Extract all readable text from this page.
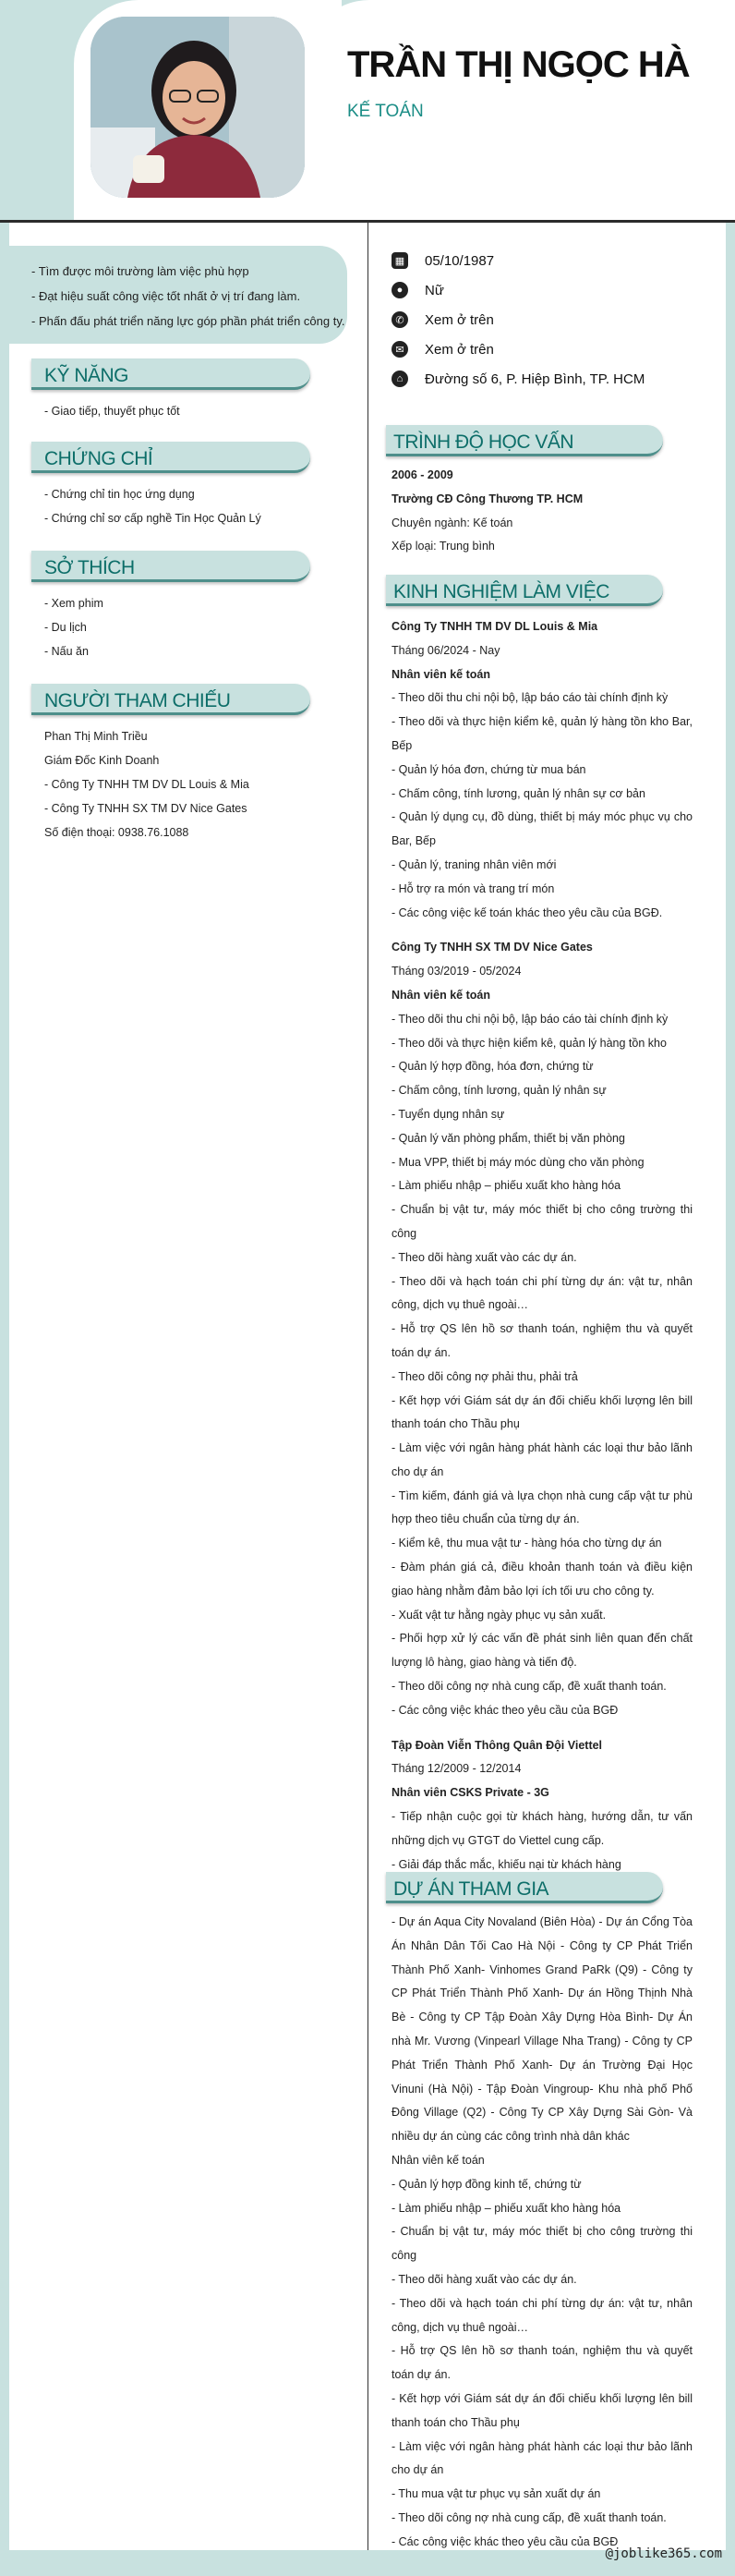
TRẦN THỊ NGỌC HÀ
KẾ TOÁN

- Tìm được môi trường làm việc phù hợp

- Đạt hiệu suất công việc tốt nhất ở vị trí đang làm.

- Phấn đấu phát triển năng lực góp phần phát triển công ty.

KỸ NĂNG

- Giao tiếp, thuyết phục tốt

CHỨNG CHỈ

- Chứng chỉ tin học ứng dụng

- Chứng chỉ sơ cấp nghề Tin Học Quản Lý

SỞ THÍCH

- Xem phim

- Du lịch

- Nấu ăn

NGƯỜI THAM CHIẾU

Phan Thị Minh Triều

Giám Đốc Kinh Doanh

- Công Ty TNHH TM DV DL Louis & Mia

- Công Ty TNHH SX TM DV Nice Gates

Số điện thoại: 0938.76.1088

▦ 05/10/1987
●	Nữ
✆ Xem ở trên
✉ Xem ở trên
⌂	Đường số 6, P. Hiệp Bình, TP. HCM
TRÌNH ĐỘ HỌC VẤN

2006 - 2009

Trường CĐ Công Thương TP. HCM

Chuyên ngành: Kế toán

Xếp loại: Trung bình

KINH NGHIỆM LÀM VIỆC

Công Ty TNHH TM DV DL Louis & Mia

Tháng 06/2024 - Nay

Nhân viên kế toán

- Theo dõi thu chi nội bộ, lập báo cáo tài chính định kỳ

- Theo dõi và thực hiện kiểm kê, quản lý hàng tồn kho Bar, Bếp

- Quản lý hóa đơn, chứng từ mua bán

- Chấm công, tính lương, quản lý nhân sự cơ bản

- Quản lý dụng cụ, đồ dùng, thiết bị máy móc phục vụ cho Bar, Bếp

- Quản lý, traning nhân viên mới

- Hỗ trợ ra món và trang trí món

- Các công việc kế toán khác theo yêu cầu của BGĐ.

Công Ty TNHH SX TM DV Nice Gates

Tháng 03/2019 - 05/2024

Nhân viên kế toán

- Theo dõi thu chi nội bộ, lập báo cáo tài chính định kỳ

- Theo dõi và thực hiện kiểm kê, quản lý hàng tồn kho

- Quản lý hợp đồng, hóa đơn, chứng từ

- Chấm công, tính lương, quản lý nhân sự

- Tuyển dụng nhân sự

- Quản lý văn phòng phẩm, thiết bị văn phòng

- Mua VPP, thiết bị máy móc dùng cho văn phòng

- Làm phiếu nhập – phiếu xuất kho hàng hóa

- Chuẩn bị vật tư, máy móc thiết bị cho công trường thi công

- Theo dõi hàng xuất vào các dự án.

- Theo dõi và hạch toán chi phí từng dự án: vật tư, nhân công, dịch vụ thuê ngoài…

- Hỗ trợ QS lên hồ sơ thanh toán, nghiệm thu và quyết toán dự án.

- Theo dõi công nợ phải thu, phải trả

- Kết hợp với Giám sát dự án đối chiếu khối lượng lên bill thanh toán cho Thầu phụ

- Làm việc với ngân hàng phát hành các loại thư bảo lãnh cho dự án

- Tìm kiếm, đánh giá và lựa chọn nhà cung cấp vật tư phù hợp theo tiêu chuẩn của từng dự án.

- Kiểm kê, thu mua vật tư - hàng hóa cho từng dự án

- Đàm phán giá cả, điều khoản thanh toán và điều kiện giao hàng nhằm đảm bảo lợi ích tối ưu cho công ty.

- Xuất vật tư hằng ngày phục vụ sản xuất.

- Phối hợp xử lý các vấn đề phát sinh liên quan đến chất lượng lô hàng, giao hàng và tiến độ.

- Theo dõi công nợ nhà cung cấp, đề xuất thanh toán.

- Các công việc khác theo yêu cầu của BGĐ

Tập Đoàn Viễn Thông Quân Đội Viettel

Tháng 12/2009 - 12/2014

Nhân viên CSKS Private - 3G

- Tiếp nhận cuộc gọi từ khách hàng, hướng dẫn, tư vấn những dịch vụ GTGT do Viettel cung cấp.

- Giải đáp thắc mắc, khiếu nại từ khách hàng

DỰ ÁN THAM GIA

- Dự án Aqua City Novaland (Biên Hòa) - Dự án Cổng Tòa Án Nhân Dân Tối Cao Hà Nội - Công ty CP Phát Triển Thành Phố Xanh- Vinhomes Grand PaRk (Q9) - Công ty CP Phát Triển Thành Phố Xanh- Dự án Hồng Thịnh Nhà Bè - Công ty CP Tập Đoàn Xây Dựng Hòa Bình- Dự Án nhà Mr. Vương (Vinpearl Village Nha Trang) - Công ty CP Phát Triển Thành Phố Xanh- Dự án Trường Đại Học Vinuni (Hà Nội) - Tập Đoàn Vingroup- Khu nhà phố Phố Đông Village (Q2) - Công Ty CP Xây Dựng Sài Gòn- Và nhiều dự án cùng các công trình nhà dân khác

Nhân viên kế toán

- Quản lý hợp đồng kinh tế, chứng từ

- Làm phiếu nhập – phiếu xuất kho hàng hóa

- Chuẩn bị vật tư, máy móc thiết bị cho công trường thi công

- Theo dõi hàng xuất vào các dự án.

- Theo dõi và hạch toán chi phí từng dự án: vật tư, nhân công, dịch vụ thuê ngoài…

- Hỗ trợ QS lên hồ sơ thanh toán, nghiệm thu và quyết toán dự án.

- Kết hợp với Giám sát dự án đối chiếu khối lượng lên bill thanh toán cho Thầu phụ

- Làm việc với ngân hàng phát hành các loại thư bảo lãnh cho dự án

- Thu mua vật tư phục vụ sản xuất dự án

- Theo dõi công nợ nhà cung cấp, đề xuất thanh toán.

- Các công việc khác theo yêu cầu của BGĐ

@joblike365.com
